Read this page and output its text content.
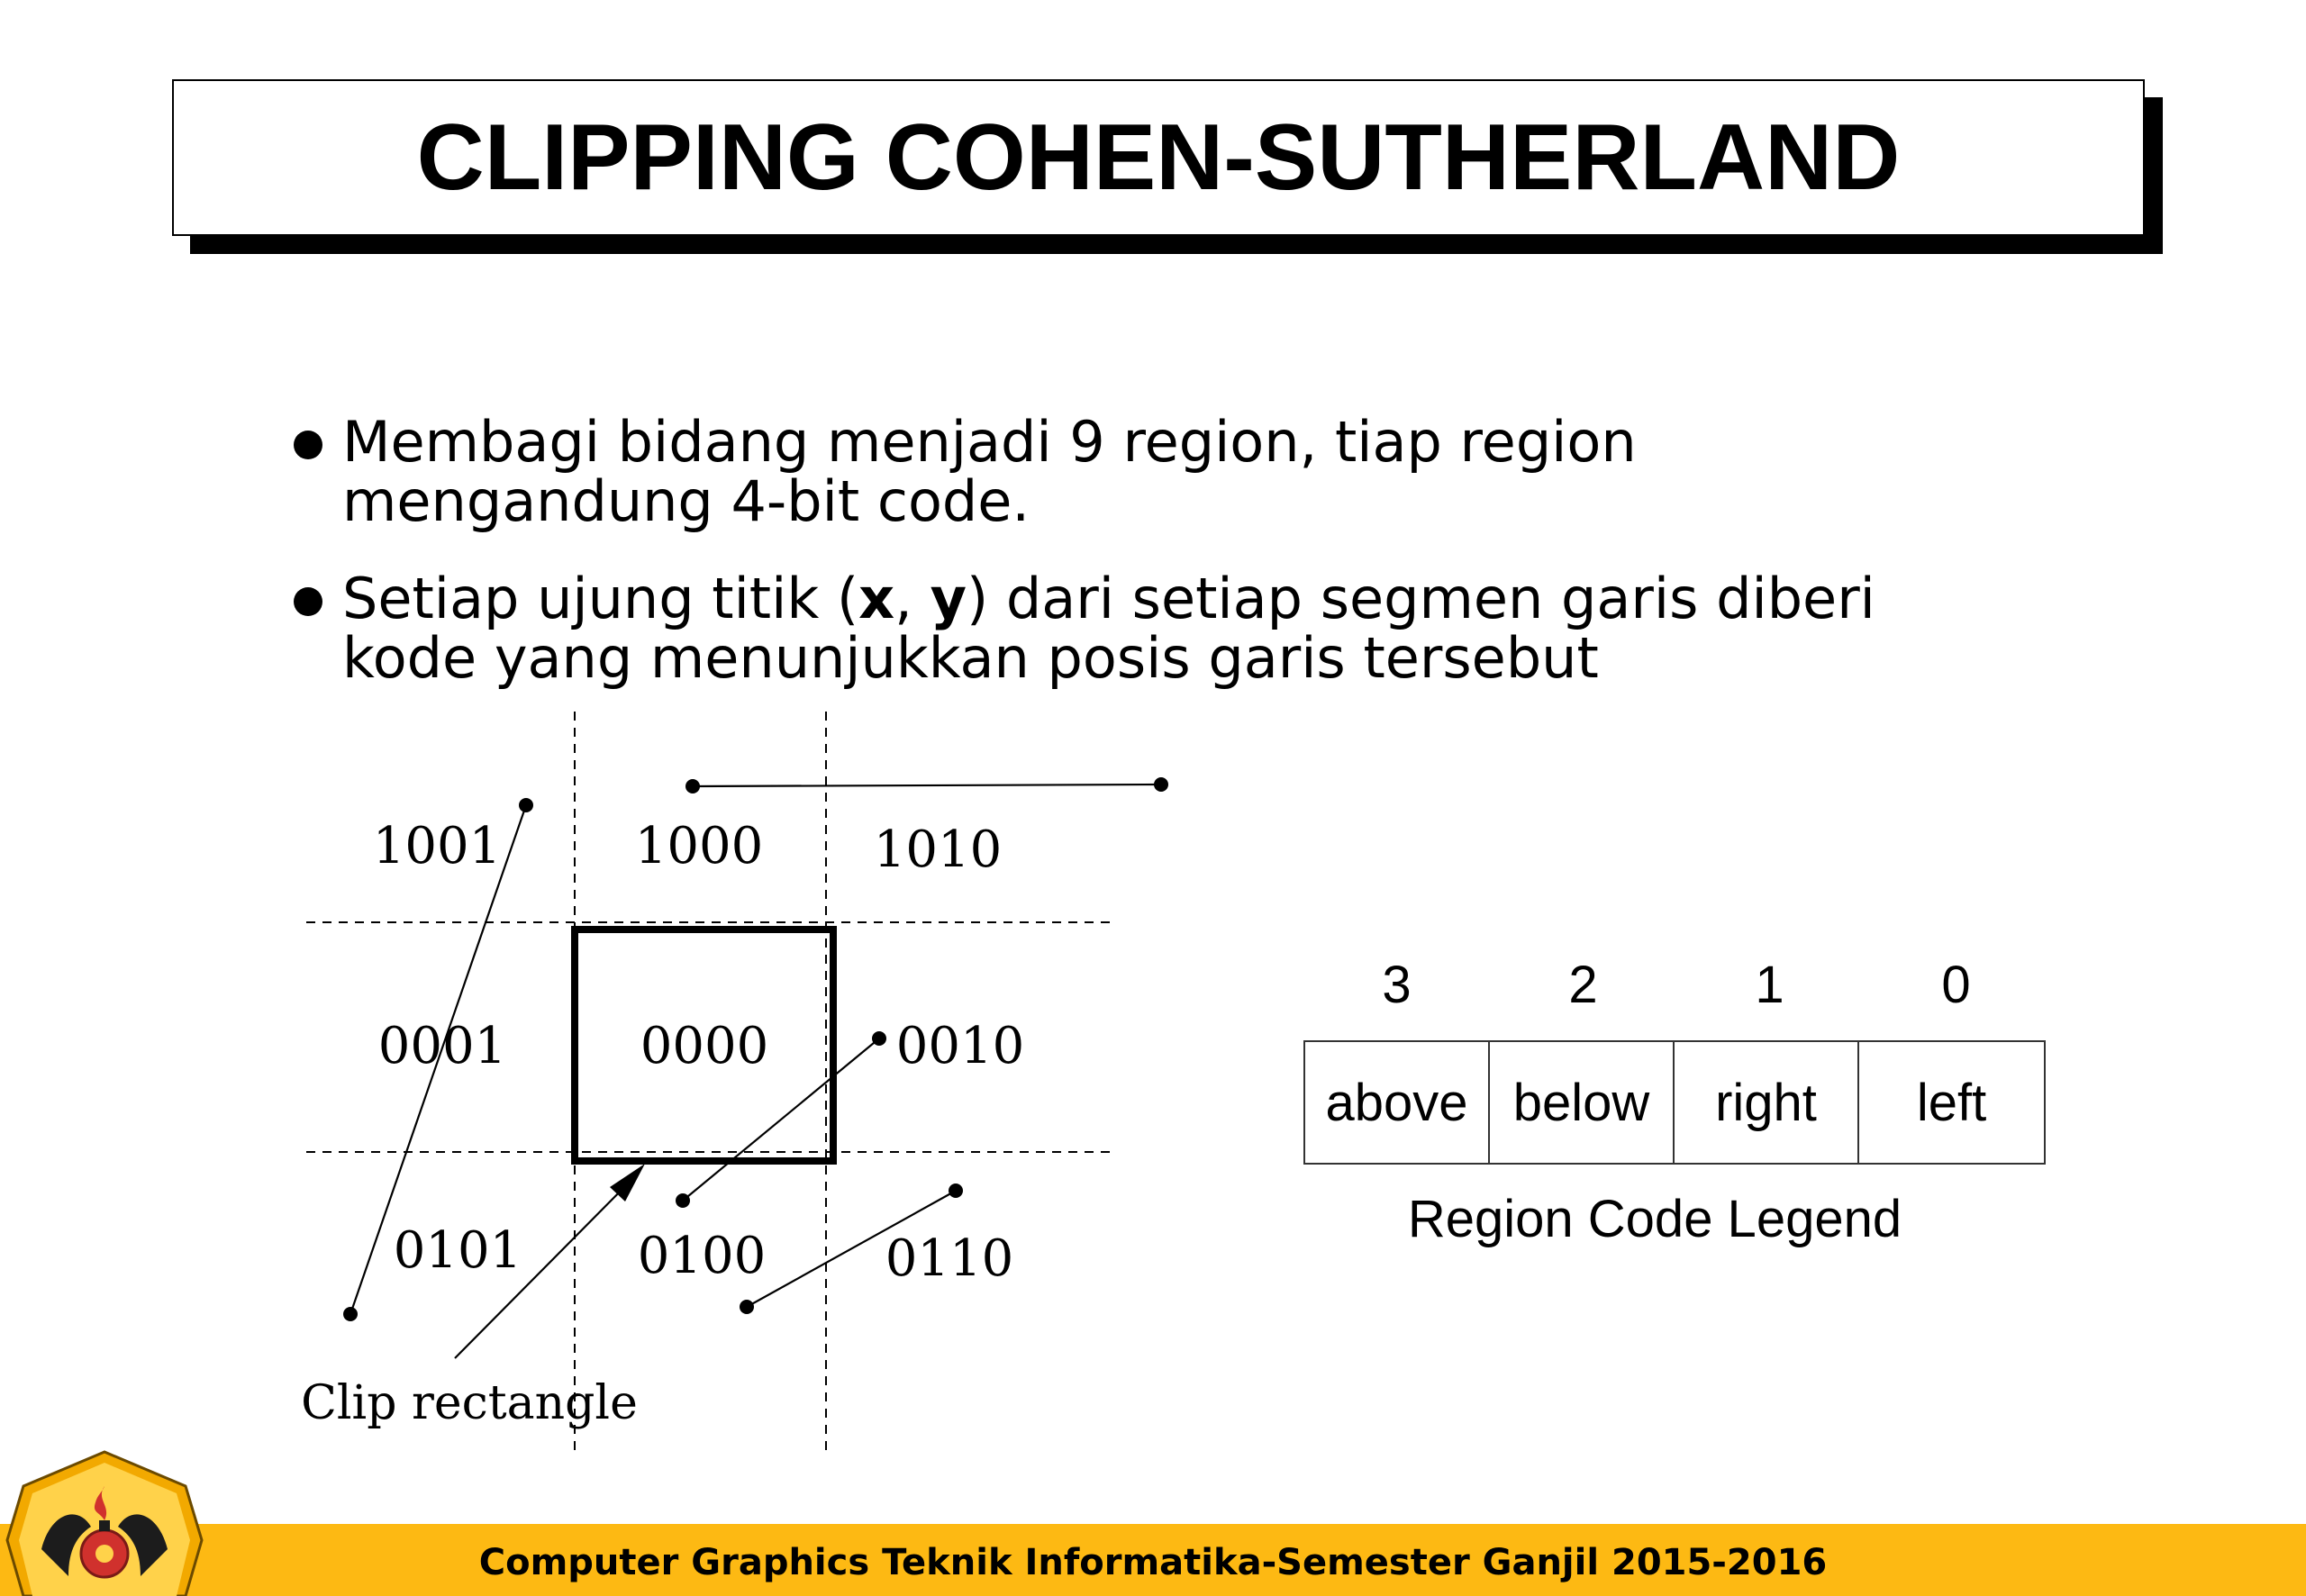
CLIPPING COHEN-SUTHERLAND
Membagi bidang menjadi 9 region, tiap region
mengandung 4-bit code.
Setiap ujung titik (x, y) dari setiap segmen garis diberi
kode yang menunjukkan posis garis tersebut
1001	1000 1010
0001	0000	0010
0101 0100 0110
Clip rectangle
3	2	1	0
above below	right	left
Region Code Legend
Computer Graphics Teknik Informatika-Semester Ganjil 2015-2016
